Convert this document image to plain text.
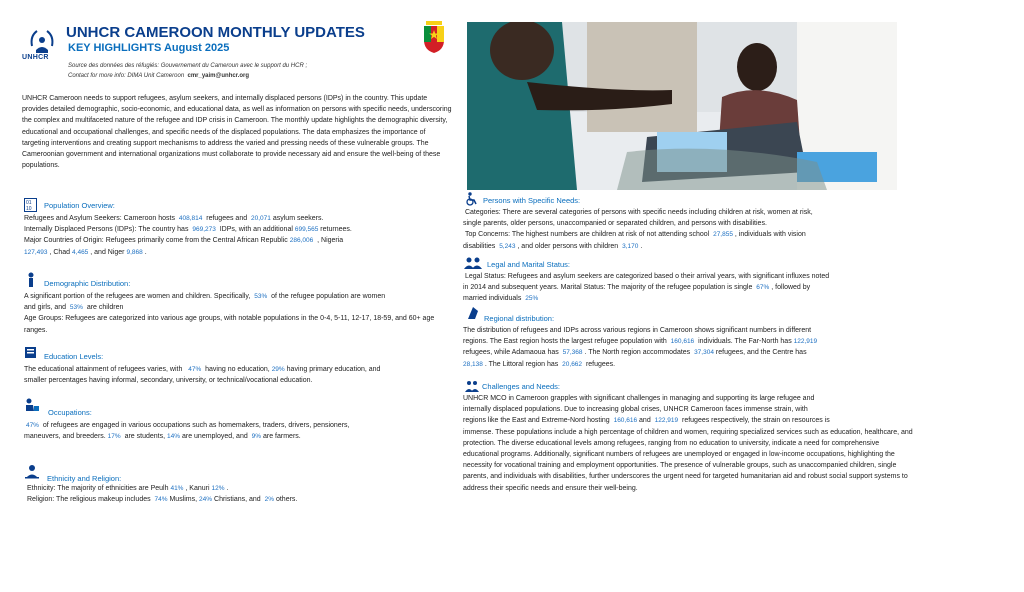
UNHCR
UNHCR CAMEROON MONTHLY UPDATES
KEY HIGHLIGHTS August 2025
Source des données des réfugiés: Gouvernement du Cameroun avec le support du HCR ;
Contact for more info: DIMA Unit Cameroon cmr_yaim@unhcr.org
UNHCR Cameroon needs to support refugees, asylum seekers, and internally displaced persons (IDPs) in the country. This update provides detailed demographic, socio-economic, and educational data, as well as information on persons with specific needs, underscoring the complex and multifaceted nature of the refugee and IDP crisis in Cameroon. The monthly update highlights the demographic diversity, educational and occupational challenges, and specific needs of the displaced populations. The data emphasizes the importance of targeting interventions and creating support mechanisms to address the varied and pressing needs of these vulnerable groups. The Cameroonian government and international organizations must collaborate to provide necessary aid and ensure the well-being of these populations.
01
10 Population Overview:
Refugees and Asylum Seekers: Cameroon hosts 408,814 refugees and 20,071 asylum seekers.
Internally Displaced Persons (IDPs): The country has 969,273 IDPs, with an additional 699,565 returnees.
Major Countries of Origin: Refugees primarily come from the Central African Republic 286,006 , Nigeria
127,493 , Chad 4,465 , and Niger 9,868 .
Demographic Distribution:
A significant portion of the refugees are women and children. Specifically, 53% of the refugee population are women
and girls, and 53% are children
Age Groups: Refugees are categorized into various age groups, with notable populations in the 0-4, 5-11, 12-17, 18-59, and 60+ age ranges.
Education Levels:
The educational attainment of refugees varies, with 47% having no education, 29% having primary education, and
smaller percentages having informal, secondary, university, or technical/vocational education.
Occupations:
47% of refugees are engaged in various occupations such as homemakers, traders, drivers, pensioners,
maneuvers, and breeders. 17% are students, 14% are unemployed, and 9% are farmers.
Ethnicity and Religion:
Ethnicity: The majority of ethnicities are Peulh 41% , Kanuri 12% .
Religion: The religious makeup includes 74% Muslims, 24% Christians, and 2% others.
Persons with Specific Needs:
Categories: There are several categories of persons with specific needs including children at risk, women at risk,
single parents, older persons, unaccompanied or separated children, and persons with disabilities.
Top Concerns: The highest numbers are children at risk of not attending school 27,855 , individuals with vision
disabilities 5,243 , and older persons with children 3,170 .
Legal and Marital Status:
Legal Status: Refugees and asylum seekers are categorized based o their arrival years, with significant influxes noted
in 2014 and subsequent years. Marital Status: The majority of the refugee population is single 67% , followed by
married individuals 25%
Regional distribution:
The distribution of refugees and IDPs across various regions in Cameroon shows significant numbers in different
regions. The East region hosts the largest refugee population with 160,616 individuals. The Far-North has 122,919
refugees, while Adamaoua has 57,368 . The North region accommodates 37,304 refugees, and the Centre has
28,138 . The Littoral region has 20,662 refugees.
Challenges and Needs:
UNHCR MCO in Cameroon grapples with significant challenges in managing and supporting its large refugee and
internally displaced populations. Due to increasing global crises, UNHCR Cameroon faces immense strain, with
regions like the East and Extreme-Nord hosting 160,616 and 122,919 refugees respectively, the strain on resources is
immense. These populations include a high percentage of children and women, requiring specialized services such as education, healthcare, and protection. The diverse educational levels among refugees, ranging from no education to university, indicate a need for comprehensive educational programs. Additionally, significant numbers of refugees are unemployed or engaged in low-income occupations, highlighting the necessity for vocational training and employment opportunities. The presence of vulnerable groups, such as unaccompanied children, single parents, and individuals with disabilities, further underscores the urgent need for targeted humanitarian aid and robust social support systems to address their specific needs and ensure their well-being.
